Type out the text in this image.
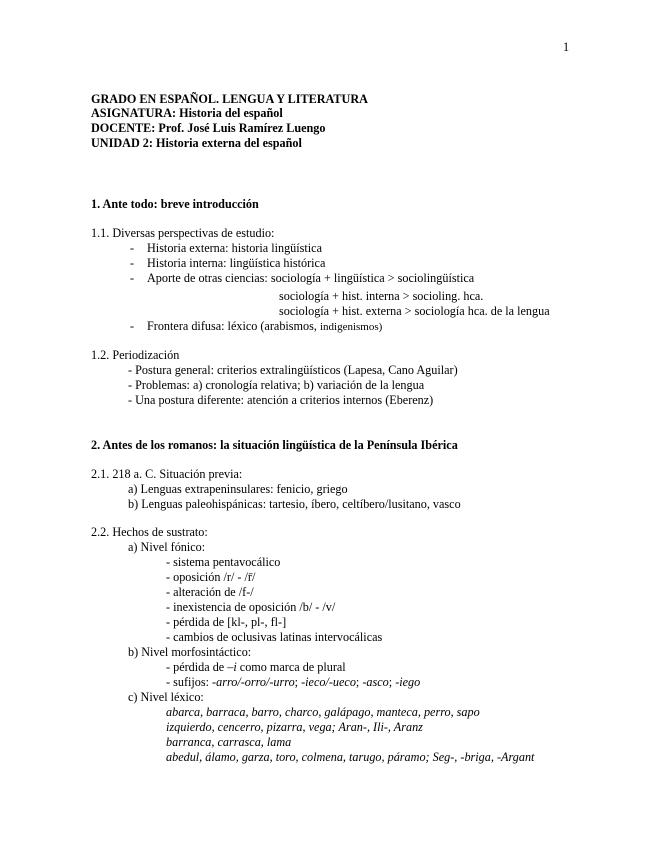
1
GRADO EN ESPAÑOL. LENGUA Y LITERATURA
ASIGNATURA: Historia del español
DOCENTE: Prof. José Luis Ramírez Luengo
UNIDAD 2: Historia externa del español
1. Ante todo: breve introducción
1.1. Diversas perspectivas de estudio:
- Historia externa: historia lingüística
- Historia interna: lingüística histórica
- Aporte de otras ciencias: sociología + lingüística > sociolingüística
sociología + hist. interna > socioling. hca.
sociología + hist. externa > sociología hca. de la lengua
- Frontera difusa: léxico (arabismos, indigenismos)
1.2. Periodización
- Postura general: criterios extralingüísticos (Lapesa, Cano Aguilar)
- Problemas: a) cronología relativa; b) variación de la lengua
- Una postura diferente: atención a criterios internos (Eberenz)
2. Antes de los romanos: la situación lingüística de la Península Ibérica
2.1. 218 a. C. Situación previa:
a) Lenguas extrapeninsulares: fenicio, griego
b) Lenguas paleohispánicas: tartesio, íbero, celtíbero/lusitano, vasco
2.2. Hechos de sustrato:
a) Nivel fónico:
- sistema pentavocálico
- oposición /r/ - /r̄/
- alteración de /f-/
- inexistencia de oposición /b/ - /v/
- pérdida de [kl-, pl-, fl-]
- cambios de oclusivas latinas intervocálicas
b) Nivel morfosintáctico:
- pérdida de –i como marca de plural
- sufijos: -arro/-orro/-urro; -ieco/-ueco; -asco; -iego
c) Nivel léxico:
abarca, barraca, barro, charco, galápago, manteca, perro, sapo
izquierdo, cencerro, pizarra, vega; Aran-, Ili-, Aranz
barranca, carrasca, lama
abedul, álamo, garza, toro, colmena, tarugo, páramo; Seg-, -briga, -Argant
